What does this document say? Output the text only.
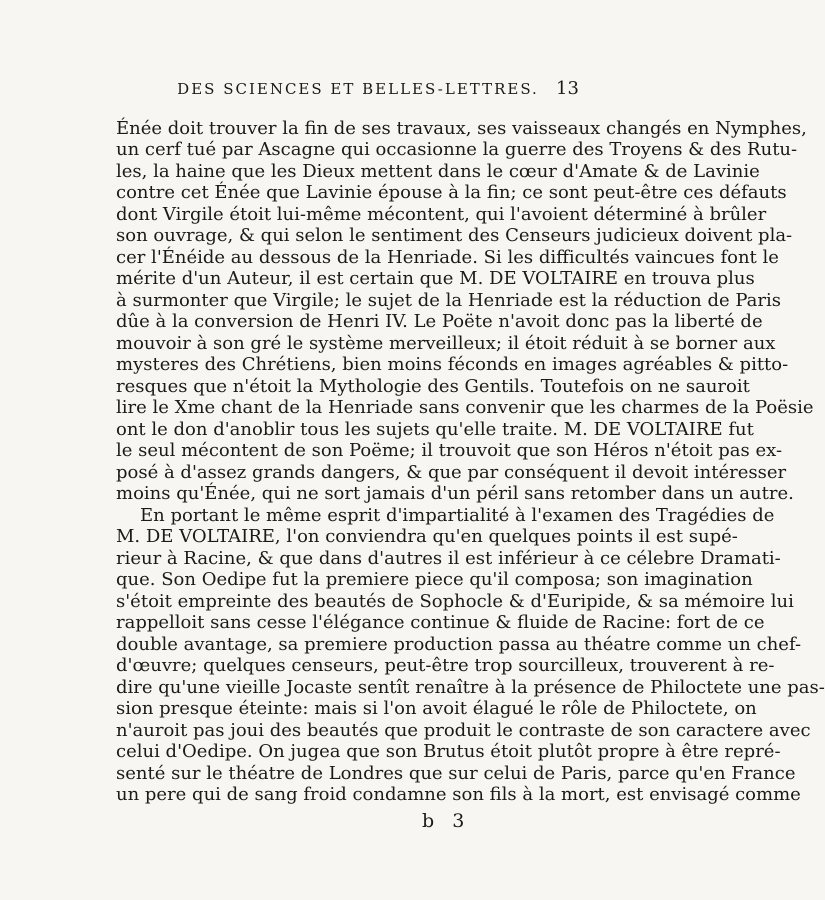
DES SCIENCES ET BELLES-LETTRES. 13
Énée doit trouver la fin de ses travaux, ses vaisseaux changés en Nymphes,
un cerf tué par Ascagne qui occasionne la guerre des Troyens & des Rutu-
les, la haine que les Dieux mettent dans le cœur d'Amate & de Lavinie
contre cet Énée que Lavinie épouse à la fin; ce sont peut-être ces défauts
dont Virgile étoit lui-même mécontent, qui l'avoient déterminé à brûler
son ouvrage, & qui selon le sentiment des Censeurs judicieux doivent pla-
cer l'Énéide au dessous de la Henriade. Si les difficultés vaincues font le
mérite d'un Auteur, il est certain que M. DE VOLTAIRE en trouva plus
à surmonter que Virgile; le sujet de la Henriade est la réduction de Paris
dûe à la conversion de Henri IV. Le Poëte n'avoit donc pas la liberté de
mouvoir à son gré le système merveilleux; il étoit réduit à se borner aux
mysteres des Chrétiens, bien moins féconds en images agréables & pitto-
resques que n'étoit la Mythologie des Gentils. Toutefois on ne sauroit
lire le Xme chant de la Henriade sans convenir que les charmes de la Poësie
ont le don d'anoblir tous les sujets qu'elle traite. M. DE VOLTAIRE fut
le seul mécontent de son Poëme; il trouvoit que son Héros n'étoit pas ex-
posé à d'assez grands dangers, & que par conséquent il devoit intéresser
moins qu'Énée, qui ne sort jamais d'un péril sans retomber dans un autre.
En portant le même esprit d'impartialité à l'examen des Tragédies de
M. DE VOLTAIRE, l'on conviendra qu'en quelques points il est supé-
rieur à Racine, & que dans d'autres il est inférieur à ce célebre Dramati-
que. Son Oedipe fut la premiere piece qu'il composa; son imagination
s'étoit empreinte des beautés de Sophocle & d'Euripide, & sa mémoire lui
rappelloit sans cesse l'élégance continue & fluide de Racine: fort de ce
double avantage, sa premiere production passa au théatre comme un chef-
d'œuvre; quelques censeurs, peut-être trop sourcilleux, trouverent à re-
dire qu'une vieille Jocaste sentît renaître à la présence de Philoctete une pas-
sion presque éteinte: mais si l'on avoit élagué le rôle de Philoctete, on
n'auroit pas joui des beautés que produit le contraste de son caractere avec
celui d'Oedipe. On jugea que son Brutus étoit plutôt propre à être repré-
senté sur le théatre de Londres que sur celui de Paris, parce qu'en France
un pere qui de sang froid condamne son fils à la mort, est envisagé comme
b 3
